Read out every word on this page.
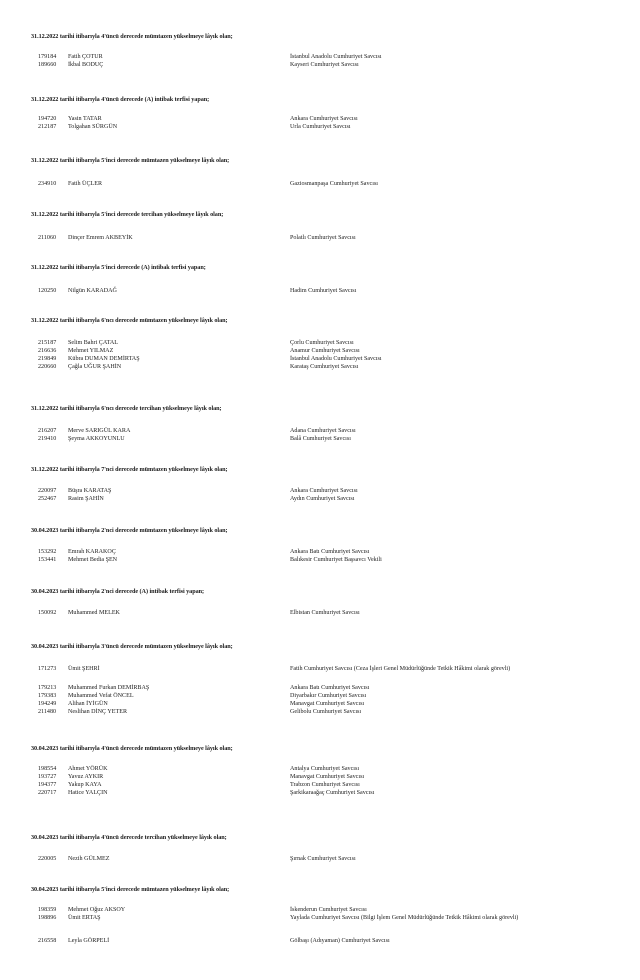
31.12.2022 tarihi itibarıyla 4'üncü derecede mümtazen yükselmeye lâyık olan;
179184 Fatih ÇOTUR	İstanbul Anadolu Cumhuriyet Savcısı
189660 İkbal BODUÇ	Kayseri Cumhuriyet Savcısı
31.12.2022 tarihi itibarıyla 4'üncü derecede (A) intibak terfisi yapan;
194720 Yasin TATAR	Ankara Cumhuriyet Savcısı
212187 Tolgahan SÜRGÜN	Urla Cumhuriyet Savcısı
31.12.2022 tarihi itibarıyla 5'inci derecede mümtazen yükselmeye lâyık olan;
234910 Fatih ÜÇLER	Gaziosmanpaşa Cumhuriyet Savcısı
31.12.2022 tarihi itibarıyla 5'inci derecede tercihan yükselmeye lâyık olan;
211060 Dinçer Emrem AKBEYİK	Polatlı Cumhuriyet Savcısı
31.12.2022 tarihi itibarıyla 5'inci derecede (A) intibak terfisi yapan;
120250 Nilgün KARADAĞ	Hadim Cumhuriyet Savcısı
31.12.2022 tarihi itibarıyla 6'ncı derecede mümtazen yükselmeye lâyık olan;
215187 Selim Bahri ÇATAL	Çorlu Cumhuriyet Savcısı
216636 Mehmet YILMAZ	Anamur Cumhuriyet Savcısı
219849 Kübra DUMAN DEMİRTAŞ	İstanbul Anadolu Cumhuriyet Savcısı
220660 Çağla UĞUR ŞAHİN	Karataş Cumhuriyet Savcısı
31.12.2022 tarihi itibarıyla 6'ncı derecede tercihan yükselmeye lâyık olan;
216207 Merve SARIGÜL KARA	Adana Cumhuriyet Savcısı
219410 Şeyma AKKOYUNLU	Balâ Cumhuriyet Savcısı
31.12.2022 tarihi itibarıyla 7'nci derecede mümtazen yükselmeye lâyık olan;
220097 Büşra KARATAŞ	Ankara Cumhuriyet Savcısı
252467 Rasim ŞAHİN	Aydın Cumhuriyet Savcısı
30.04.2023 tarihi itibarıyla 2'nci derecede mümtazen yükselmeye lâyık olan;
153292 Emrah KARAKOÇ	Ankara Batı Cumhuriyet Savcısı
153441 Mehmet Bedia ŞEN	Balıkesir Cumhuriyet Başsavcı Vekili
30.04.2023 tarihi itibarıyla 2'nci derecede (A) intibak terfisi yapan;
150092 Muhammed MELEK	Elbistan Cumhuriyet Savcısı
30.04.2023 tarihi itibarıyla 3'üncü derecede mümtazen yükselmeye lâyık olan;
171273 Ümit ŞEHRİ	Fatih Cumhuriyet Savcısı (Ceza İşleri Genel Müdürlüğünde Tetkik Hâkimi olarak görevli)
179213 Muhammed Furkan DEMİRBAŞ	Ankara Batı Cumhuriyet Savcısı
179383 Muhammed Vefat ÖNCEL	Diyarbakır Cumhuriyet Savcısı
194249 Alihan İYİGÜN	Manavgat Cumhuriyet Savcısı
211480 Neslihan DİNÇ YETER	Gelibolu Cumhuriyet Savcısı
30.04.2023 tarihi itibarıyla 4'üncü derecede mümtazen yükselmeye lâyık olan;
198554 Ahmet YÖRÜK	Antalya Cumhuriyet Savcısı
193727 Yavuz AYKIR	Manavgat Cumhuriyet Savcısı
194377 Yakup KAYA	Trabzon Cumhuriyet Savcısı
220717 Hatice YALÇIN	Şarkikaraağaç Cumhuriyet Savcısı
30.04.2023 tarihi itibarıyla 4'üncü derecede tercihan yükselmeye lâyık olan;
220005 Nezih GÜLMEZ	Şırnak Cumhuriyet Savcısı
30.04.2023 tarihi itibarıyla 5'inci derecede mümtazen yükselmeye lâyık olan;
198359 Mehmet Oğuz AKSOY	İskenderun Cumhuriyet Savcısı
198896 Ümit ERTAŞ	Yaylada Cumhuriyet Savcısı (Bilgi İşlem Genel Müdürlüğünde Tetkik Hâkimi olarak görevli)
216558 Leyla GÖRPELİ	Gölbaşı (Adıyaman) Cumhuriyet Savcısı
